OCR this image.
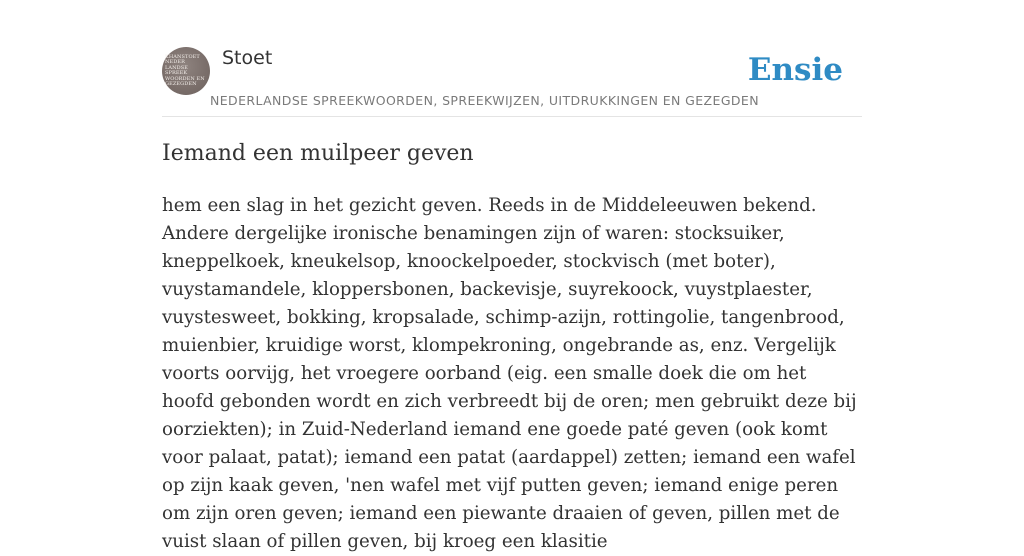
KHANSTOET
NEDER
LANDSE
SPREEK
WOORDEN EN
GEZEGDEN
Stoet
NEDERLANDSE SPREEKWOORDEN, SPREEKWIJZEN, UITDRUKKINGEN EN GEZEGDEN
Ensie
Iemand een muilpeer geven

hem een slag in het gezicht geven. Reeds in de Middeleeuwen bekend. Andere dergelijke ironische benamingen zijn of waren: stocksuiker, kneppelkoek, kneukelsop, knoockelpoeder, stockvisch (met boter), vuystamandele, kloppersbonen, backevisje, suyrekoock, vuystplaester, vuystesweet, bokking, kropsalade, schimp-azijn, rottingolie, tangenbrood, muienbier, kruidige worst, klompekroning, ongebrande as, enz. Vergelijk voorts oorvijg, het vroegere oorband (eig. een smalle doek die om het hoofd gebonden wordt en zich verbreedt bij de oren; men gebruikt deze bij oorziekten); in Zuid-Nederland iemand ene goede paté geven (ook komt voor palaat, patat); iemand een patat (aardappel) zetten; iemand een wafel op zijn kaak geven, 'nen wafel met vijf putten geven; iemand enige peren om zijn oren geven; iemand een piewante draaien of geven, pillen met de vuist slaan of pillen geven, bij kroeg een klasitie
